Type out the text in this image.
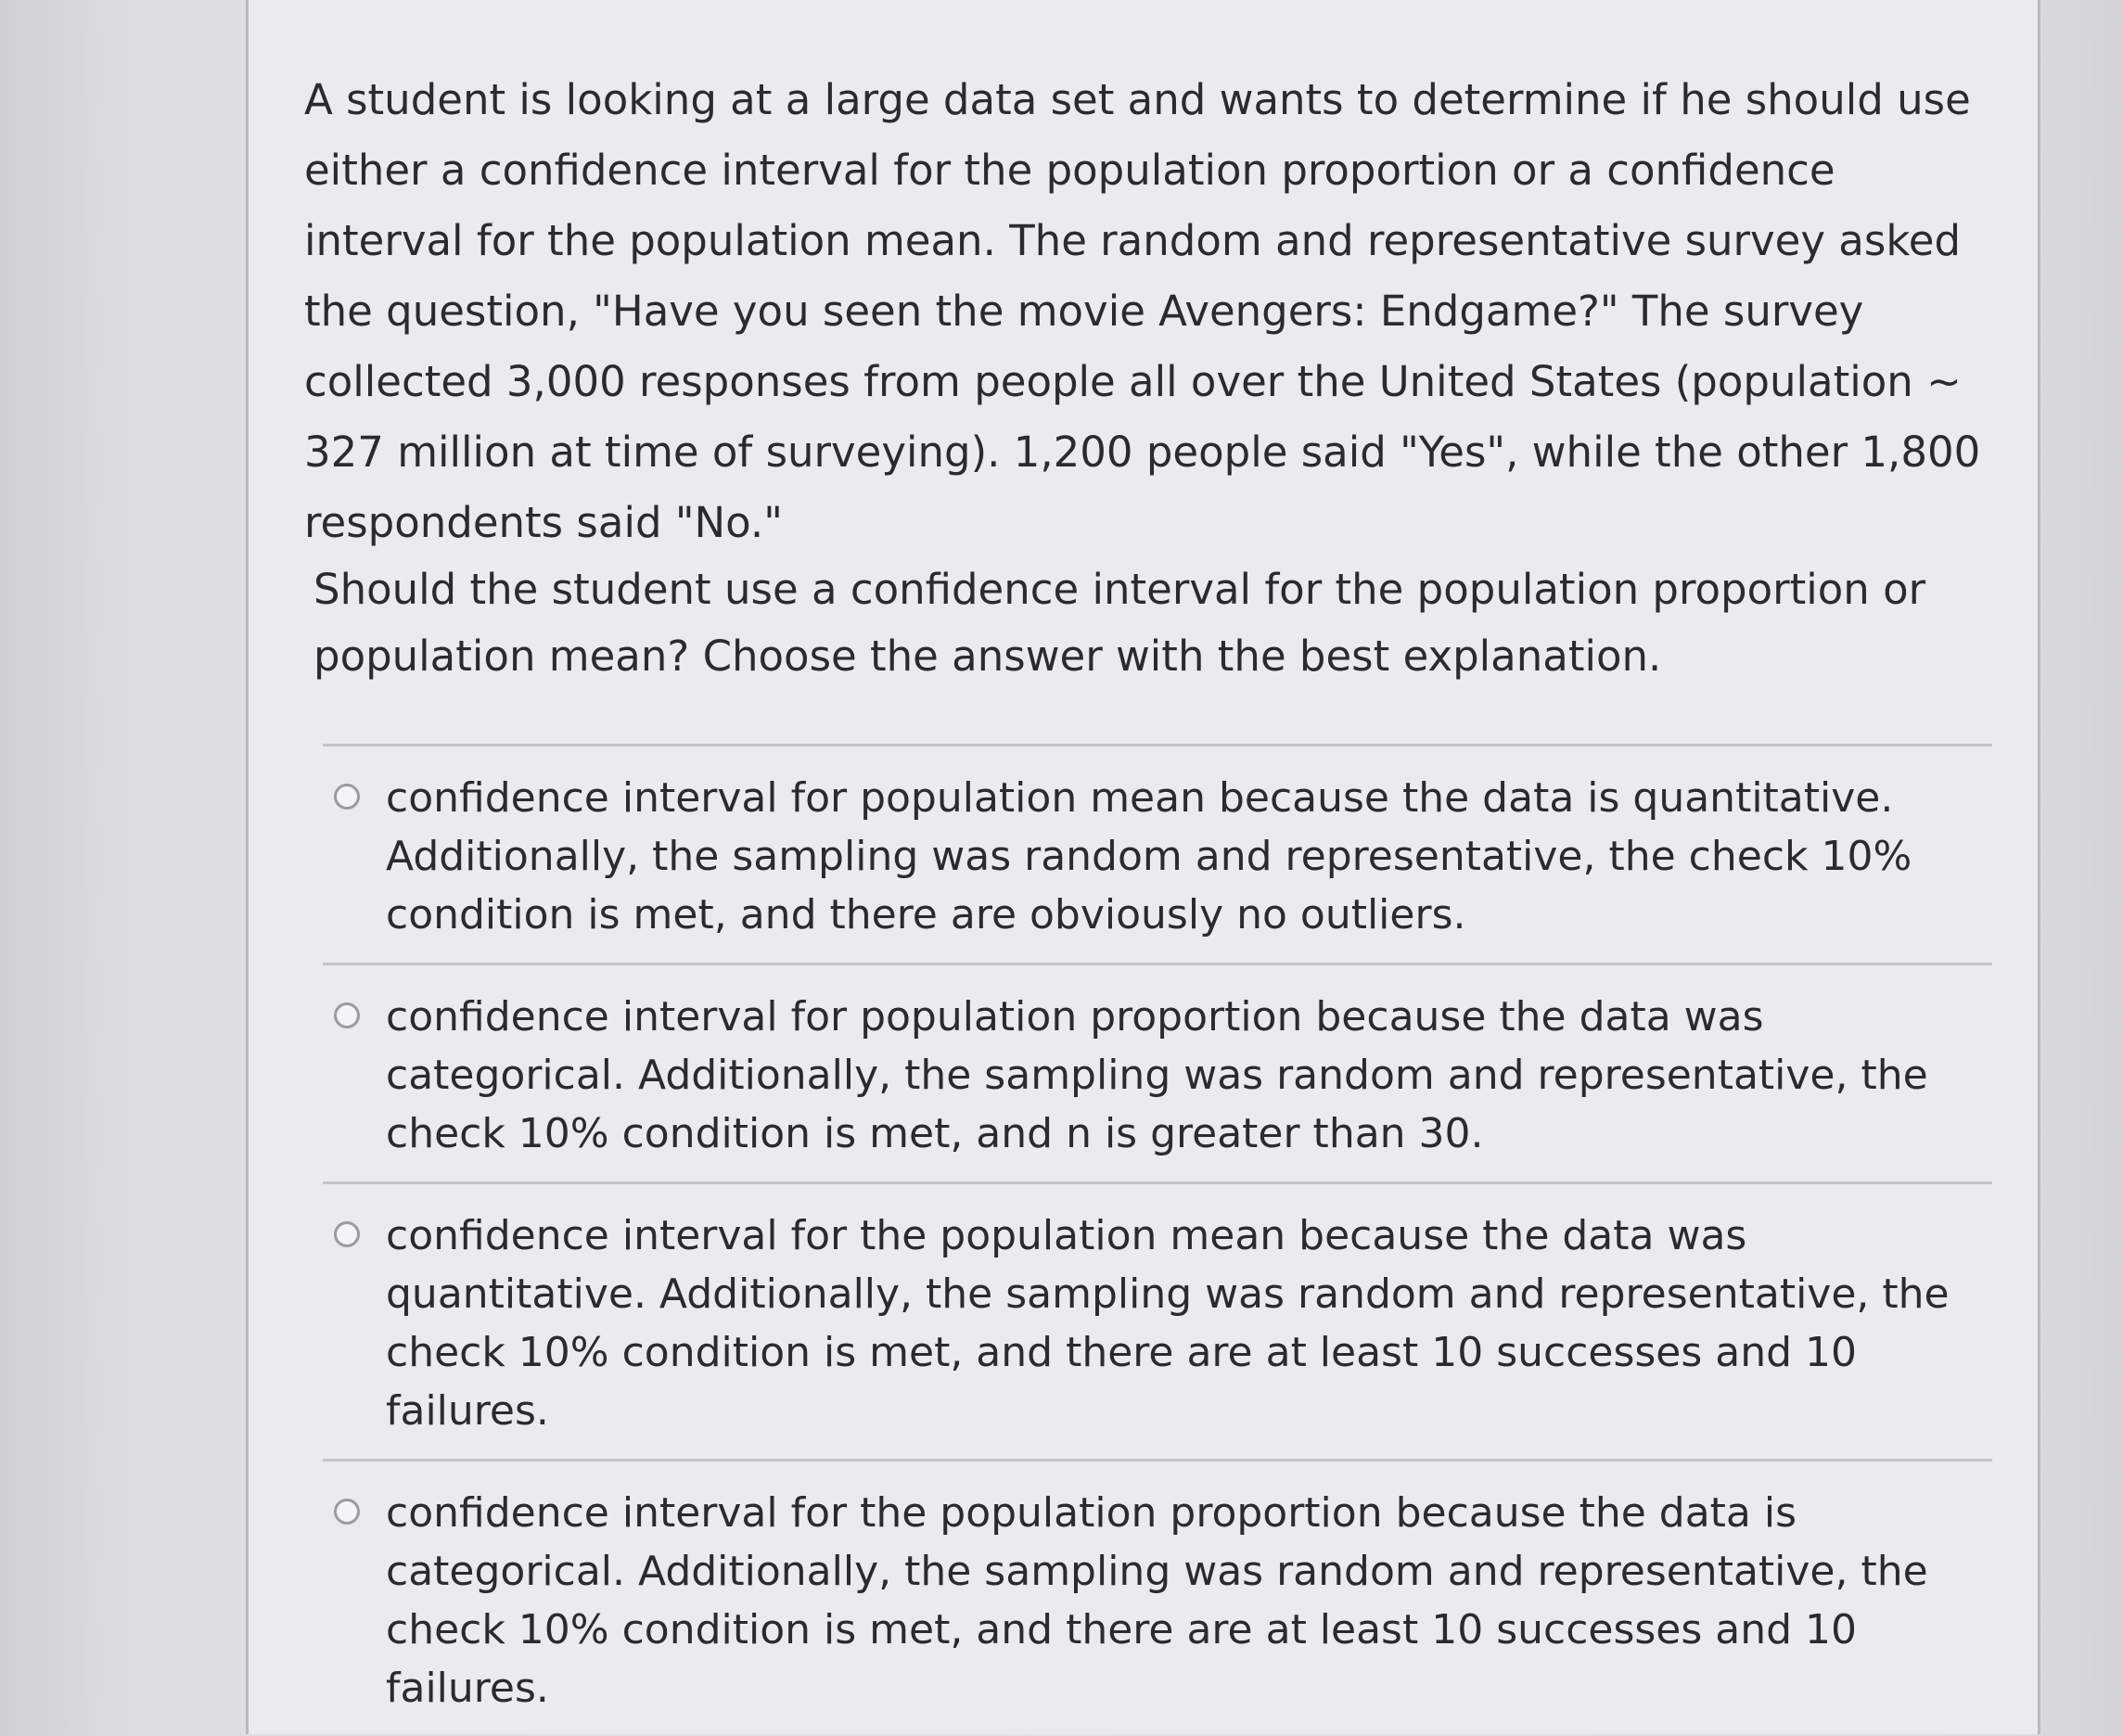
A student is looking at a large data set and wants to determine if he should use either a confidence interval for the population proportion or a confidence interval for the population mean. The random and representative survey asked the question, "Have you seen the movie Avengers: Endgame?" The survey collected 3,000 responses from people all over the United States (population ~ 327 million at time of surveying). 1,200 people said "Yes", while the other 1,800 respondents said "No."

Should the student use a confidence interval for the population proportion or population mean? Choose the answer with the best explanation.

confidence interval for population mean because the data is quantitative. Additionally, the sampling was random and representative, the check 10% condition is met, and there are obviously no outliers.
confidence interval for population proportion because the data was categorical. Additionally, the sampling was random and representative, the check 10% condition is met, and n is greater than 30.
confidence interval for the population mean because the data was quantitative. Additionally, the sampling was random and representative, the check 10% condition is met, and there are at least 10 successes and 10 failures.
confidence interval for the population proportion because the data is categorical. Additionally, the sampling was random and representative, the check 10% condition is met, and there are at least 10 successes and 10 failures.
